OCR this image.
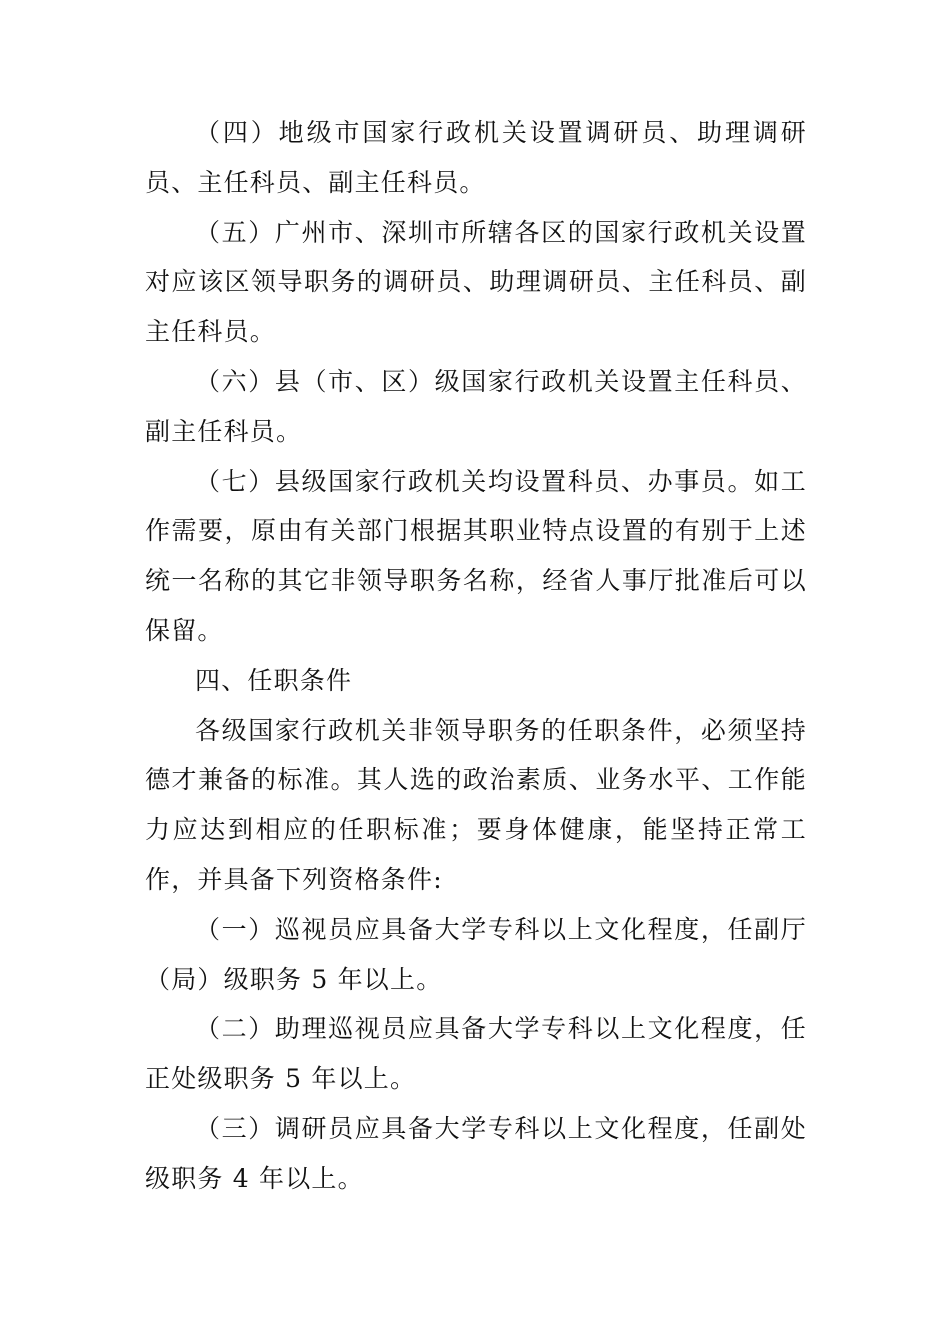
（四）地级市国家行政机关设置调研员、助理调研员、主任科员、副主任科员。

（五）广州市、深圳市所辖各区的国家行政机关设置对应该区领导职务的调研员、助理调研员、主任科员、副主任科员。

（六）县（市、区）级国家行政机关设置主任科员、副主任科员。

（七）县级国家行政机关均设置科员、办事员。如工作需要，原由有关部门根据其职业特点设置的有别于上述统一名称的其它非领导职务名称，经省人事厅批准后可以保留。

四、任职条件

各级国家行政机关非领导职务的任职条件，必须坚持德才兼备的标准。其人选的政治素质、业务水平、工作能力应达到相应的任职标准；要身体健康，能坚持正常工作，并具备下列资格条件:

（一）巡视员应具备大学专科以上文化程度，任副厅（局）级职务 5 年以上。

（二）助理巡视员应具备大学专科以上文化程度，任正处级职务 5 年以上。

（三）调研员应具备大学专科以上文化程度，任副处级职务 4 年以上。
